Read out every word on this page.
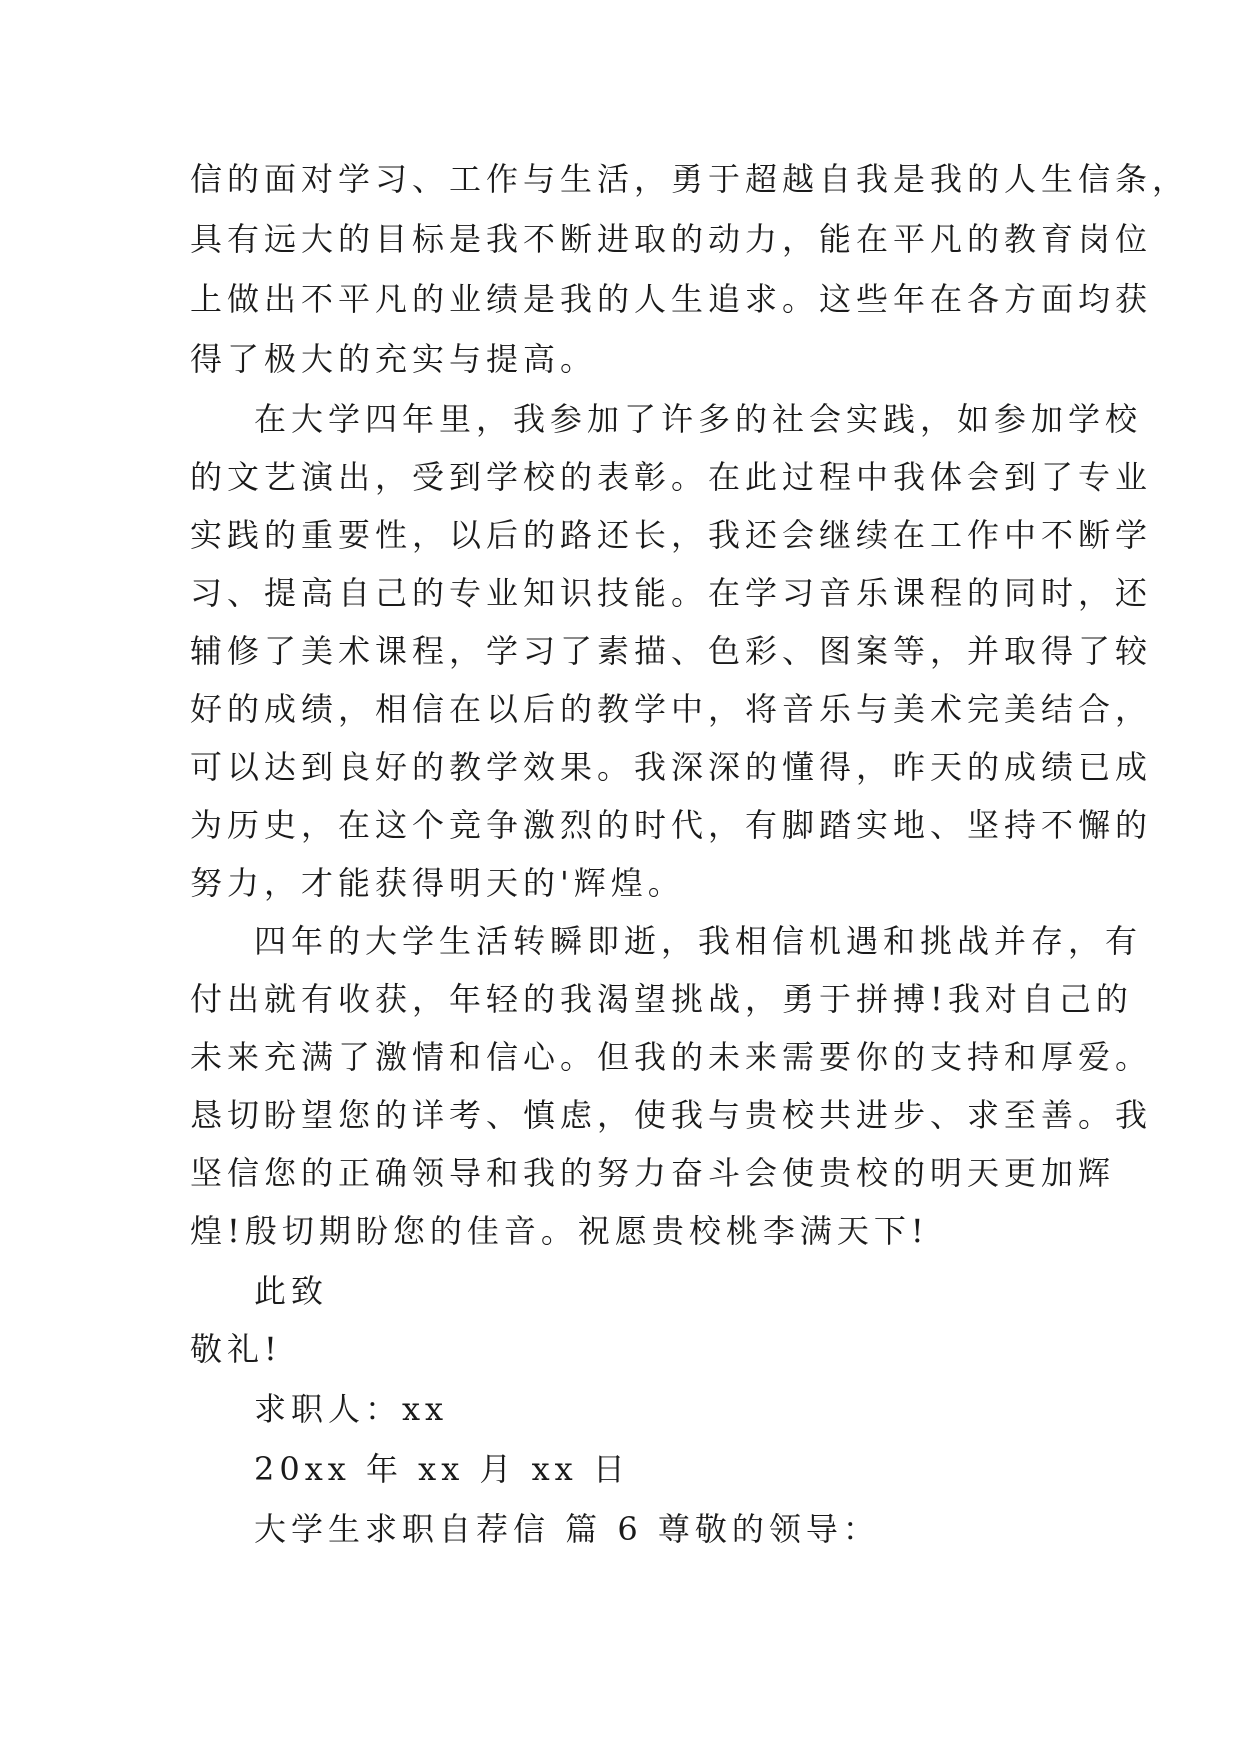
信的面对学习、工作与生活，勇于超越自我是我的人生信条，
具有远大的目标是我不断进取的动力，能在平凡的教育岗位
上做出不平凡的业绩是我的人生追求。这些年在各方面均获
得了极大的充实与提高。
在大学四年里，我参加了许多的社会实践，如参加学校
的文艺演出，受到学校的表彰。在此过程中我体会到了专业
实践的重要性，以后的路还长，我还会继续在工作中不断学
习、提高自己的专业知识技能。在学习音乐课程的同时，还
辅修了美术课程，学习了素描、色彩、图案等，并取得了较
好的成绩，相信在以后的教学中，将音乐与美术完美结合，
可以达到良好的教学效果。我深深的懂得，昨天的成绩已成
为历史，在这个竞争激烈的时代，有脚踏实地、坚持不懈的
努力，才能获得明天的'辉煌。
四年的大学生活转瞬即逝，我相信机遇和挑战并存，有
付出就有收获，年轻的我渴望挑战，勇于拼搏!我对自己的
未来充满了激情和信心。但我的未来需要你的支持和厚爱。
恳切盼望您的详考、慎虑，使我与贵校共进步、求至善。我
坚信您的正确领导和我的努力奋斗会使贵校的明天更加辉
煌!殷切期盼您的佳音。祝愿贵校桃李满天下!
此致
敬礼!
求职人：xx
20xx 年 xx 月 xx 日
大学生求职自荐信 篇 6 尊敬的领导：
